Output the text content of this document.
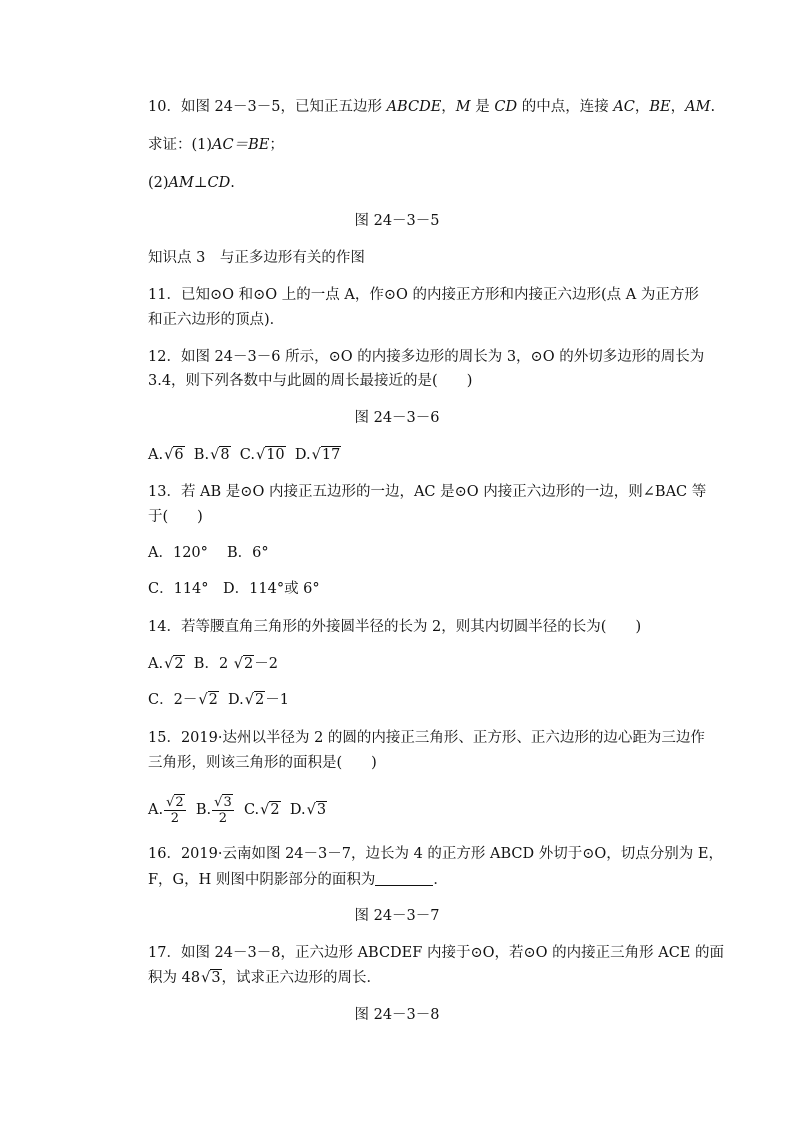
10．如图 24－3－5，已知正五边形 ABCDE，M 是 CD 的中点，连接 AC，BE，AM.
求证：(1)AC＝BE；
(2)AM⊥CD.
图 24－3－5
知识点 3　与正多边形有关的作图
11．已知⊙O 和⊙O 上的一点 A，作⊙O 的内接正方形和内接正六边形(点 A 为正方形
和正六边形的顶点)．
12．如图 24－3－6 所示，⊙O 的内接多边形的周长为 3，⊙O 的外切多边形的周长为
3.4，则下列各数中与此圆的周长最接近的是(　　)
图 24－3－6
A.√6 B.√8 C.√10 D.√17
13．若 AB 是⊙O 内接正五边形的一边，AC 是⊙O 内接正六边形的一边，则∠BAC 等
于(　　)
A．120°　 B．6°
C．114°　D．114°或 6°
14．若等腰直角三角形的外接圆半径的长为 2，则其内切圆半径的长为(　　)
A.√2 B．2 √2－2
C．2－√2 D.√2－1
15．2019·达州以半径为 2 的圆的内接正三角形、正方形、正六边形的边心距为三边作
三角形，则该三角形的面积是(　　)
A. $\frac{√2}{2} B$. $\frac{√3}{2} C.√2$ D.√3
16．2019·云南如图 24－3－7，边长为 4 的正方形 ABCD 外切于⊙O，切点分别为 E，
F，G，H 则图中阴影部分的面积为	．
图 24－3－7
17．如图 24－3－8，正六边形 ABCDEF 内接于⊙O，若⊙O 的内接正三角形 ACE 的面
积为 48√3，试求正六边形的周长．
图 24－3－8
